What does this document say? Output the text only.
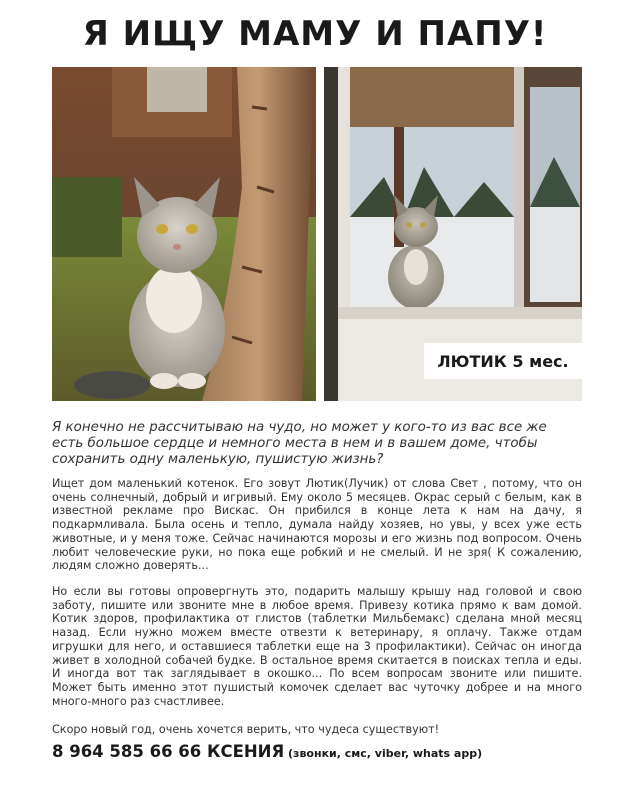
Я ИЩУ МАМУ И ПАПУ!
ЛЮТИК 5 мес.

Я конечно не рассчитываю на чудо, но может у кого-то из вас все же есть большое сердце и немного места в нем и в вашем доме, чтобы сохранить одну маленькую, пушистую жизнь?

Ищет дом маленький котенок. Его зовут Лютик(Лучик) от слова Свет , потому, что он очень солнечный, добрый и игривый. Ему около 5 месяцев. Окрас серый с белым, как в известной рекламе про Вискас. Он прибился в конце лета к нам на дачу, я подкармливала. Была осень и тепло, думала найду хозяев, но увы, у всех уже есть животные, и у меня тоже. Сейчас начинаются морозы и его жизнь под вопросом. Очень любит человеческие руки, но пока еще робкий и не смелый. И не зря( К сожалению, людям сложно доверять...

Но если вы готовы опровергнуть это, подарить малышу крышу над головой и свою заботу, пишите или звоните мне в любое время. Привезу котика прямо к вам домой. Котик здоров, профилактика от глистов (таблетки Мильбемакс) сделана мной месяц назад. Если нужно можем вместе отвезти к ветеринару, я оплачу. Также отдам игрушки для него, и оставшиеся таблетки еще на 3 профилактики). Сейчас он иногда живет в холодной собачей будке. В остальное время скитается в поисках тепла и еды. И иногда вот так заглядывает в окошко... По всем вопросам звоните или пишите. Может быть именно этот пушистый комочек сделает вас чуточку добрее и на много много-много раз счастливее.

Скоро новый год, очень хочется верить, что чудеса существуют!

8 964 585 66 66 КСЕНИЯ (звонки, смс, viber, whats app)
